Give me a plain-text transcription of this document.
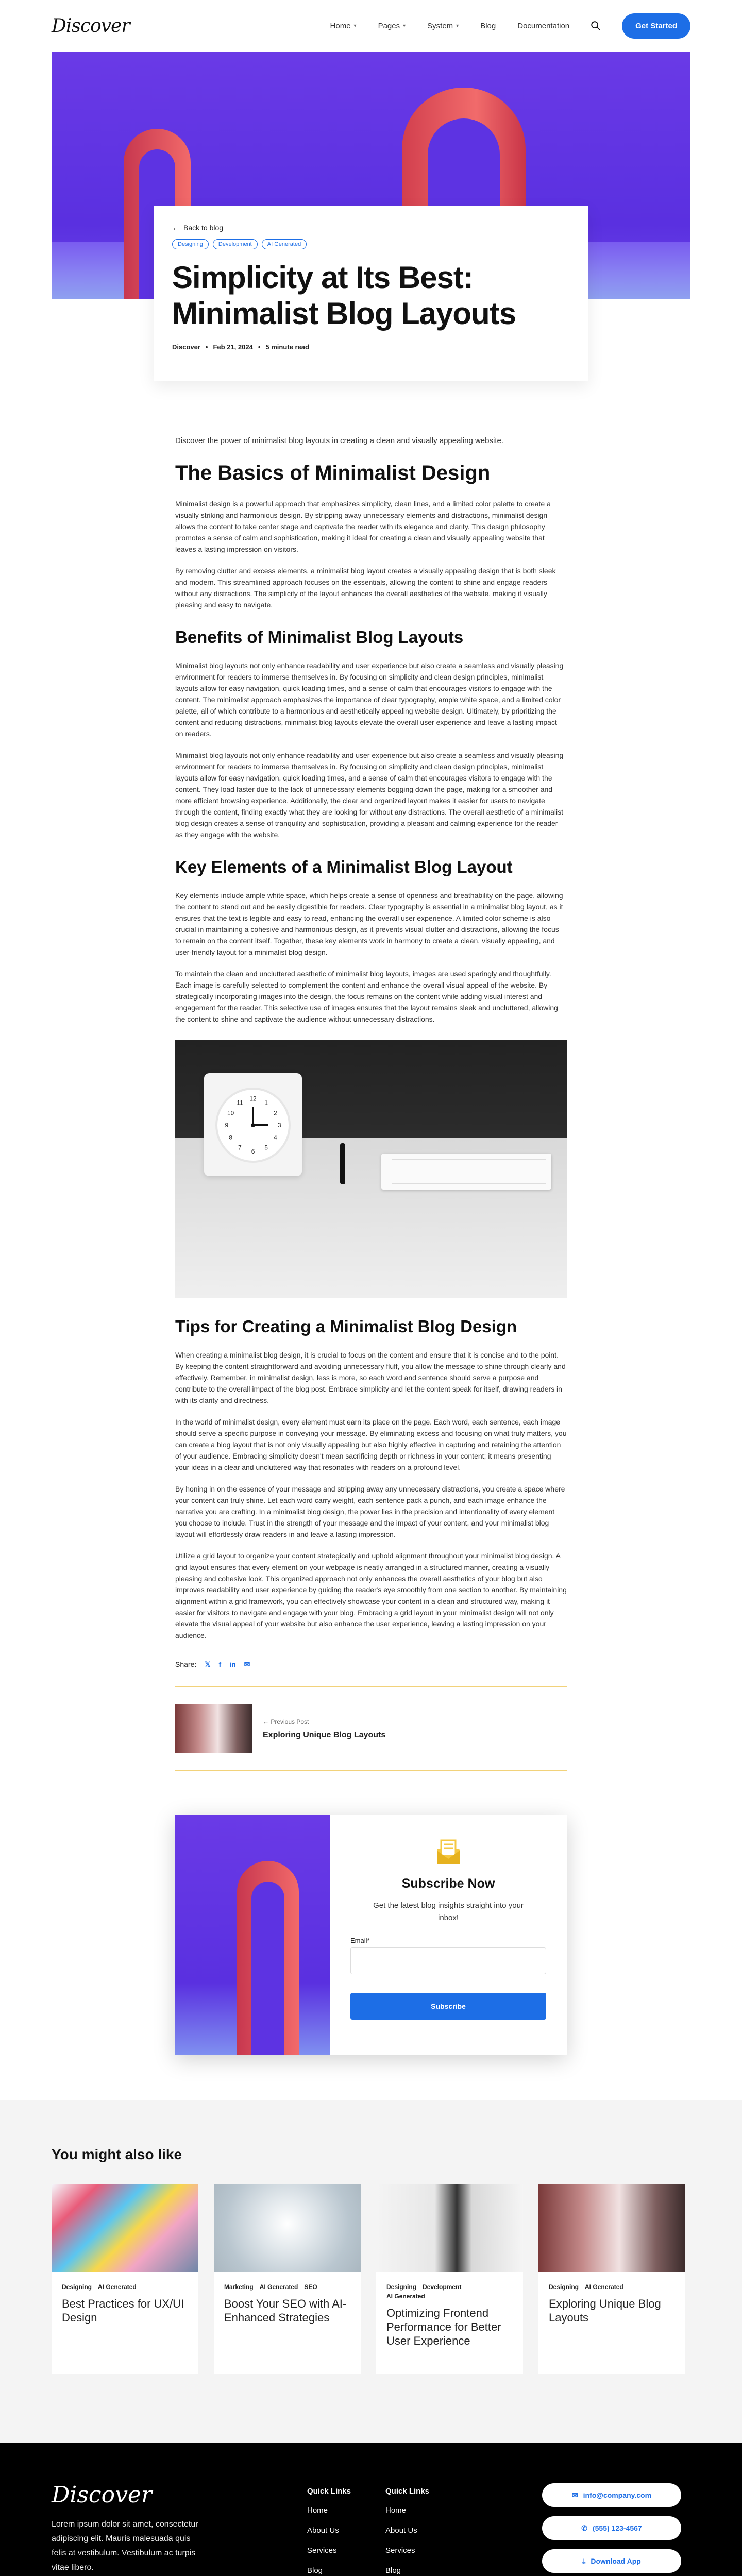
Discover	Home ▾	Pages ▾	System ▾	Blog	Documentation	Get Started
← Back to blog
Designing	Development	AI Generated
Simplicity at Its Best: Minimalist Blog Layouts
Discover • Feb 21, 2024 • 5 minute read

Discover the power of minimalist blog layouts in creating a clean and visually appealing website.

The Basics of Minimalist Design

Minimalist design is a powerful approach that emphasizes simplicity, clean lines, and a limited color palette to create a visually striking and harmonious design. By stripping away unnecessary elements and distractions, minimalist design allows the content to take center stage and captivate the reader with its elegance and clarity. This design philosophy promotes a sense of calm and sophistication, making it ideal for creating a clean and visually appealing website that leaves a lasting impression on visitors.

By removing clutter and excess elements, a minimalist blog layout creates a visually appealing design that is both sleek and modern. This streamlined approach focuses on the essentials, allowing the content to shine and engage readers without any distractions. The simplicity of the layout enhances the overall aesthetics of the website, making it visually pleasing and easy to navigate.

Benefits of Minimalist Blog Layouts

Minimalist blog layouts not only enhance readability and user experience but also create a seamless and visually pleasing environment for readers to immerse themselves in. By focusing on simplicity and clean design principles, minimalist layouts allow for easy navigation, quick loading times, and a sense of calm that encourages visitors to engage with the content. The minimalist approach emphasizes the importance of clear typography, ample white space, and a limited color palette, all of which contribute to a harmonious and aesthetically appealing website design. Ultimately, by prioritizing the content and reducing distractions, minimalist blog layouts elevate the overall user experience and leave a lasting impact on readers.

Minimalist blog layouts not only enhance readability and user experience but also create a seamless and visually pleasing environment for readers to immerse themselves in. By focusing on simplicity and clean design principles, minimalist layouts allow for easy navigation, quick loading times, and a sense of calm that encourages visitors to engage with the content. They load faster due to the lack of unnecessary elements bogging down the page, making for a smoother and more efficient browsing experience. Additionally, the clear and organized layout makes it easier for users to navigate through the content, finding exactly what they are looking for without any distractions. The overall aesthetic of a minimalist blog design creates a sense of tranquility and sophistication, providing a pleasant and calming experience for the reader as they engage with the website.

Key Elements of a Minimalist Blog Layout

Key elements include ample white space, which helps create a sense of openness and breathability on the page, allowing the content to stand out and be easily digestible for readers. Clear typography is essential in a minimalist blog layout, as it ensures that the text is legible and easy to read, enhancing the overall user experience. A limited color scheme is also crucial in maintaining a cohesive and harmonious design, as it prevents visual clutter and distractions, allowing the focus to remain on the content itself. Together, these key elements work in harmony to create a clean, visually appealing, and user-friendly layout for a minimalist blog design.

To maintain the clean and uncluttered aesthetic of minimalist blog layouts, images are used sparingly and thoughtfully. Each image is carefully selected to complement the content and enhance the overall visual appeal of the website. By strategically incorporating images into the design, the focus remains on the content while adding visual interest and engagement for the reader. This selective use of images ensures that the layout remains sleek and uncluttered, allowing the content to shine and captivate the audience without unnecessary distractions.

12
1
2
3
4
5
6
7
8
9
10
11
Tips for Creating a Minimalist Blog Design

When creating a minimalist blog design, it is crucial to focus on the content and ensure that it is concise and to the point. By keeping the content straightforward and avoiding unnecessary fluff, you allow the message to shine through clearly and effectively. Remember, in minimalist design, less is more, so each word and sentence should serve a purpose and contribute to the overall impact of the blog post. Embrace simplicity and let the content speak for itself, drawing readers in with its clarity and directness.

In the world of minimalist design, every element must earn its place on the page. Each word, each sentence, each image should serve a specific purpose in conveying your message. By eliminating excess and focusing on what truly matters, you can create a blog layout that is not only visually appealing but also highly effective in capturing and retaining the attention of your audience. Embracing simplicity doesn't mean sacrificing depth or richness in your content; it means presenting your ideas in a clear and uncluttered way that resonates with readers on a profound level.

By honing in on the essence of your message and stripping away any unnecessary distractions, you create a space where your content can truly shine. Let each word carry weight, each sentence pack a punch, and each image enhance the narrative you are crafting. In a minimalist blog design, the power lies in the precision and intentionality of every element you choose to include. Trust in the strength of your message and the impact of your content, and your minimalist blog layout will effortlessly draw readers in and leave a lasting impression.

Utilize a grid layout to organize your content strategically and uphold alignment throughout your minimalist blog design. A grid layout ensures that every element on your webpage is neatly arranged in a structured manner, creating a visually pleasing and cohesive look. This organized approach not only enhances the overall aesthetics of your blog but also improves readability and user experience by guiding the reader's eye smoothly from one section to another. By maintaining alignment within a grid framework, you can effectively showcase your content in a clean and structured way, making it easier for visitors to navigate and engage with your blog. Embracing a grid layout in your minimalist design will not only elevate the visual appeal of your website but also enhance the user experience, leaving a lasting impression on your audience.

Share: 𝕏 f in ✉
← Previous Post
Exploring Unique Blog Layouts
Subscribe Now
Get the latest blog insights straight into your inbox!
Email*
Subscribe
You might also like
Designing AI Generated
Best Practices for UX/UI Design
Marketing AI Generated SEO
Boost Your SEO with AI-Enhanced Strategies
Designing Development
AI Generated
Optimizing Frontend Performance for Better User Experience
Designing AI Generated
Exploring Unique Blog Layouts
Discover
Lorem ipsum dolor sit amet, consectetur adipiscing elit. Mauris malesuada quis felis at vestibulum. Vestibulum ac turpis vitae libero.
Quick Links
Home
About Us
Services
Blog
Quick Links
Home
About Us
Services
Blog
✉ info@company.com
✆ (555) 123-4567
⤓ Download App
